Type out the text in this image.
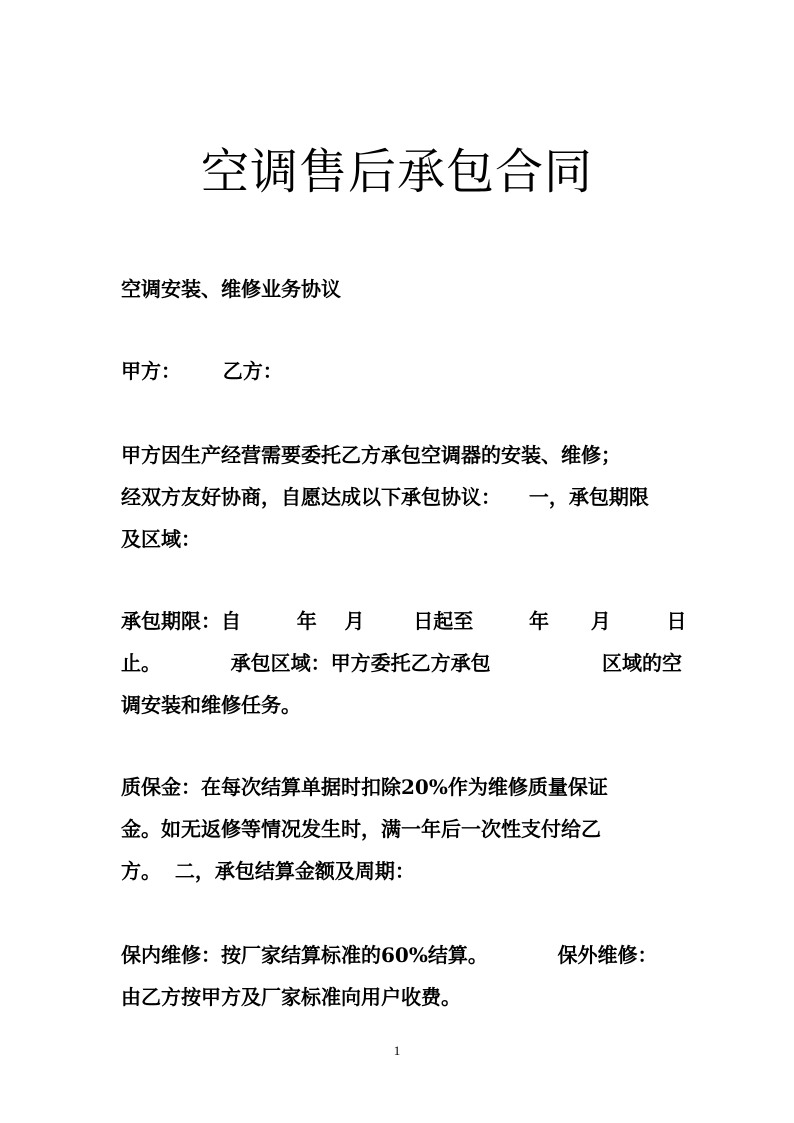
空调售后承包合同

空调安装、维修业务协议

甲方：      乙方：

甲方因生产经营需要委托乙方承包空调器的安装、维修；

经双方友好协商，自愿达成以下承包协议：    一，承包期限

及区域：

承包期限：自        年    月       日起至        年      月        日

止。          承包区域：甲方委托乙方承包                区域的空

调安装和维修任务。

质保金：在每次结算单据时扣除20%作为维修质量保证

金。如无返修等情况发生时，满一年后一次性支付给乙

方。  二，承包结算金额及周期：

保内维修：按厂家结算标准的60%结算。          保外维修：

由乙方按甲方及厂家标准向用户收费。

1
